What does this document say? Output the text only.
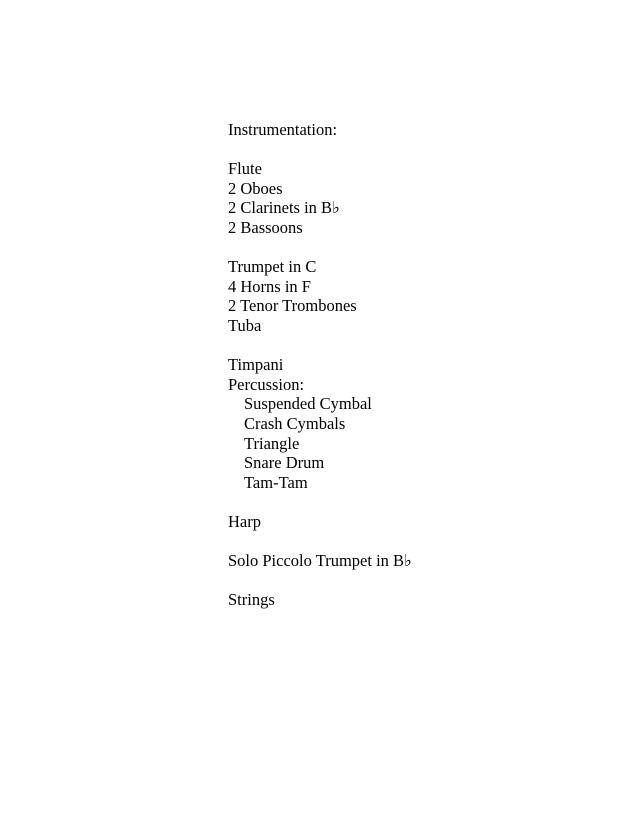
Instrumentation:
Flute
2 Oboes
2 Clarinets in B♭
2 Bassoons
Trumpet in C
4 Horns in F
2 Tenor Trombones
Tuba
Timpani
Percussion:
Suspended Cymbal
Crash Cymbals
Triangle
Snare Drum
Tam-Tam
Harp
Solo Piccolo Trumpet in B♭
Strings
